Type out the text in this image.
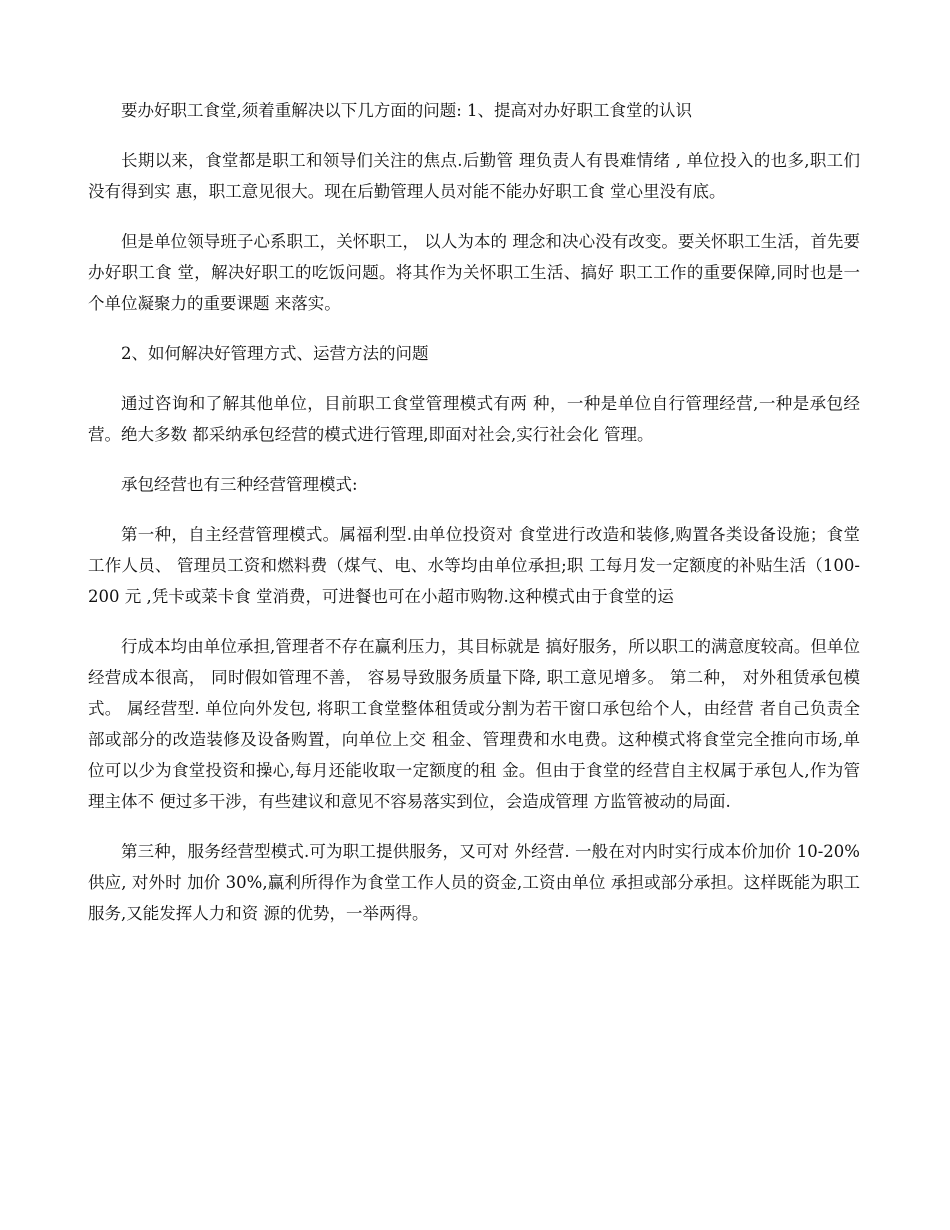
要办好职工食堂,须着重解决以下几方面的问题: 1、提高对办好职工食堂的认识

长期以来，食堂都是职工和领导们关注的焦点.后勤管 理负责人有畏难情绪 , 单位投入的也多,职工们没有得到实 惠，职工意见很大。现在后勤管理人员对能不能办好职工食 堂心里没有底。

但是单位领导班子心系职工，关怀职工， 以人为本的 理念和决心没有改变。要关怀职工生活，首先要办好职工食 堂，解决好职工的吃饭问题。将其作为关怀职工生活、搞好 职工工作的重要保障,同时也是一个单位凝聚力的重要课题 来落实。

2、如何解决好管理方式、运营方法的问题

通过咨询和了解其他单位，目前职工食堂管理模式有两 种，一种是单位自行管理经营,一种是承包经营。绝大多数 都采纳承包经营的模式进行管理,即面对社会,实行社会化 管理。

承包经营也有三种经营管理模式:

第一种，自主经营管理模式。属福利型.由单位投资对 食堂进行改造和装修,购置各类设备设施；食堂工作人员、 管理员工资和燃料费（煤气、电、水等均由单位承担;职 工每月发一定额度的补贴生活（100-200 元 ,凭卡或菜卡食 堂消费，可进餐也可在小超市购物.这种模式由于食堂的运

行成本均由单位承担,管理者不存在赢利压力，其目标就是 搞好服务，所以职工的满意度较高。但单位经营成本很高， 同时假如管理不善， 容易导致服务质量下降, 职工意见增多。 第二种， 对外租赁承包模式。 属经营型. 单位向外发包, 将职工食堂整体租赁或分割为若干窗口承包给个人，由经营 者自己负责全部或部分的改造装修及设备购置，向单位上交 租金、管理费和水电费。这种模式将食堂完全推向市场,单 位可以少为食堂投资和操心,每月还能收取一定额度的租 金。但由于食堂的经营自主权属于承包人,作为管理主体不 便过多干涉，有些建议和意见不容易落实到位，会造成管理 方监管被动的局面.

第三种，服务经营型模式.可为职工提供服务，又可对 外经营. 一般在对内时实行成本价加价 10-20%供应, 对外时 加价 30%,赢利所得作为食堂工作人员的资金,工资由单位 承担或部分承担。这样既能为职工服务,又能发挥人力和资 源的优势，一举两得。
